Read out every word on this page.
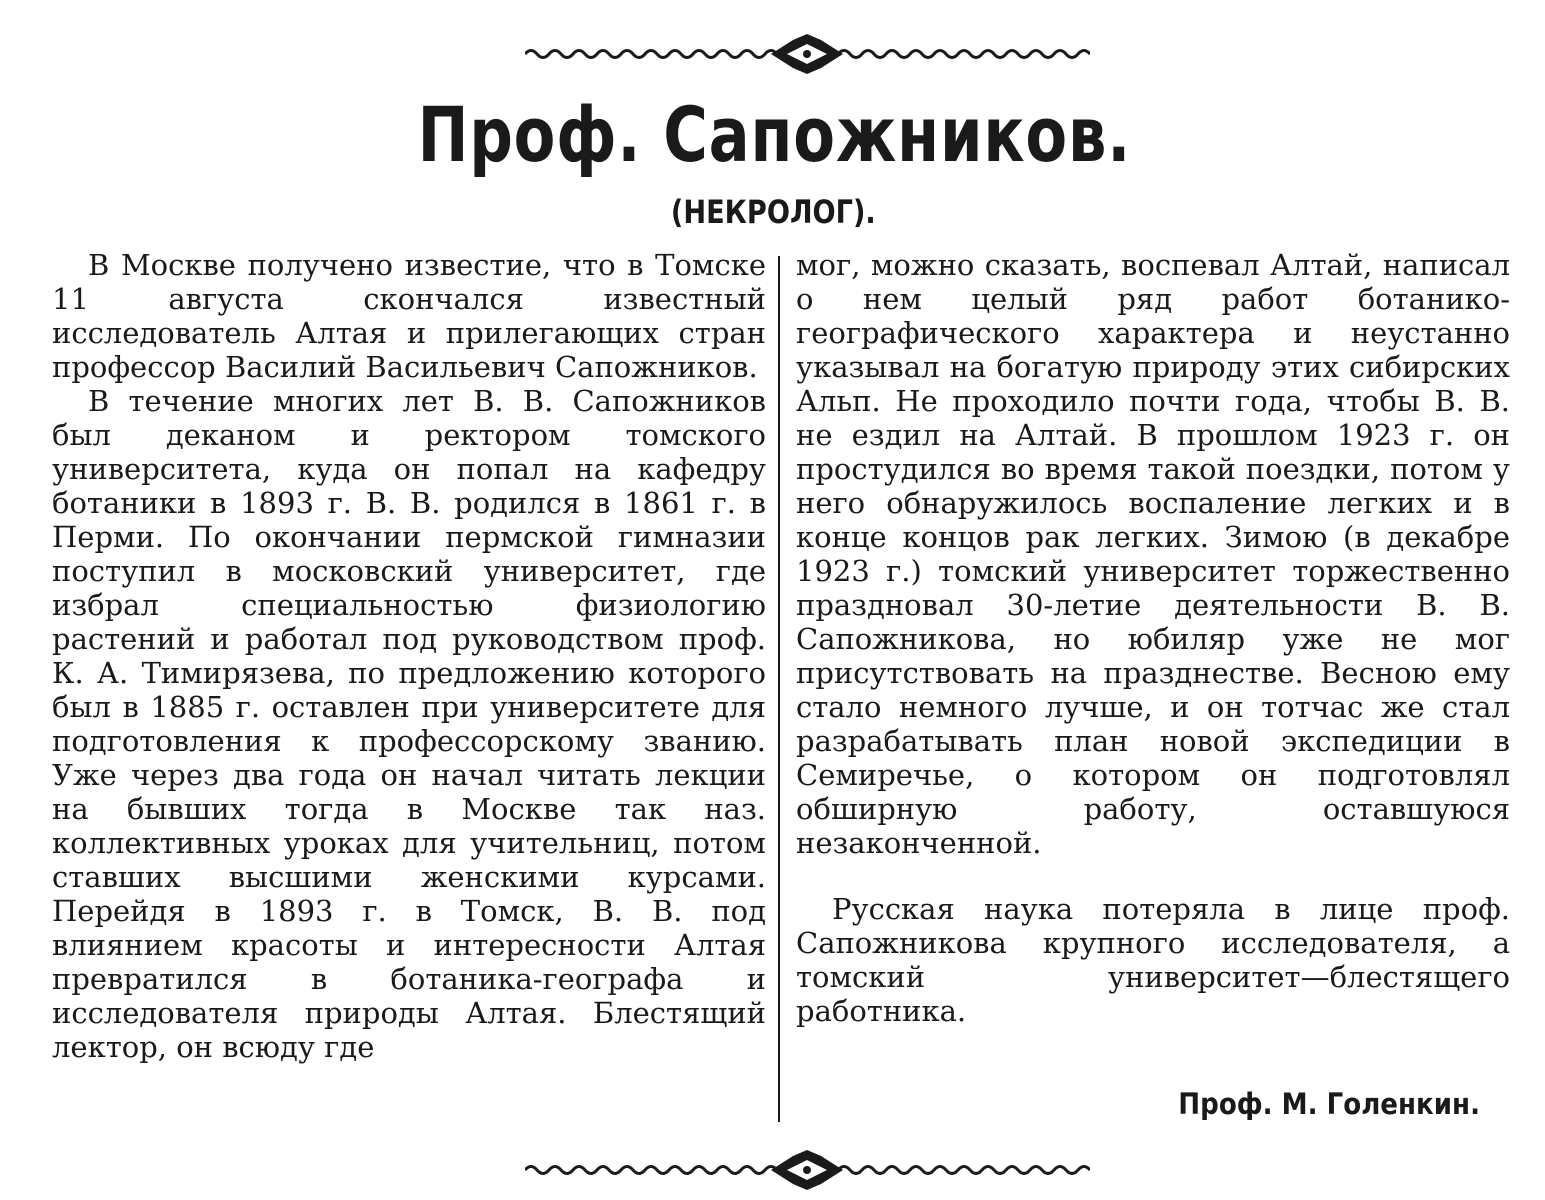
Проф. Сапожников.
(НЕКРОЛОГ).

В Москве получено известие, что в Томске 11 августа скончался известный исследователь Алтая и прилегающих стран профессор Василий Васильевич Сапожников.

В течение многих лет В. В. Сапожников был деканом и ректором томского университета, куда он попал на кафедру ботаники в 1893 г. В. В. родился в 1861 г. в Перми. По окончании пермской гимназии поступил в московский университет, где избрал специальностью физиологию растений и работал под руководством проф. К. А. Тимирязева, по предложению которого был в 1885 г. оставлен при университете для подготовления к профессорскому званию. Уже через два года он начал читать лекции на бывших тогда в Москве так наз. коллективных уроках для учительниц, потом ставших высшими женскими курсами. Перейдя в 1893 г. в Томск, В. В. под влиянием красоты и интересности Алтая превратился в ботаника-географа и исследователя природы Алтая. Блестящий лектор, он всюду где

мог, можно сказать, воспевал Алтай, написал о нем целый ряд работ ботанико-географического характера и неустанно указывал на богатую природу этих сибирских Альп. Не проходило почти года, чтобы В. В. не ездил на Алтай. В прошлом 1923 г. он простудился во время такой поездки, потом у него обнаружилось воспаление легких и в конце концов рак легких. Зимою (в декабре 1923 г.) томский университет торжественно праздновал 30-летие деятельности В. В. Сапожникова, но юбиляр уже не мог присутствовать на празднестве. Весною ему стало немного лучше, и он тотчас же стал разрабатывать план новой экспедиции в Семиречье, о котором он подготовлял обширную работу, оставшуюся незаконченной.

Русская наука потеряла в лице проф. Сапожникова крупного исследователя, а томский университет—блестящего работника.

Проф. М. Голенкин.
